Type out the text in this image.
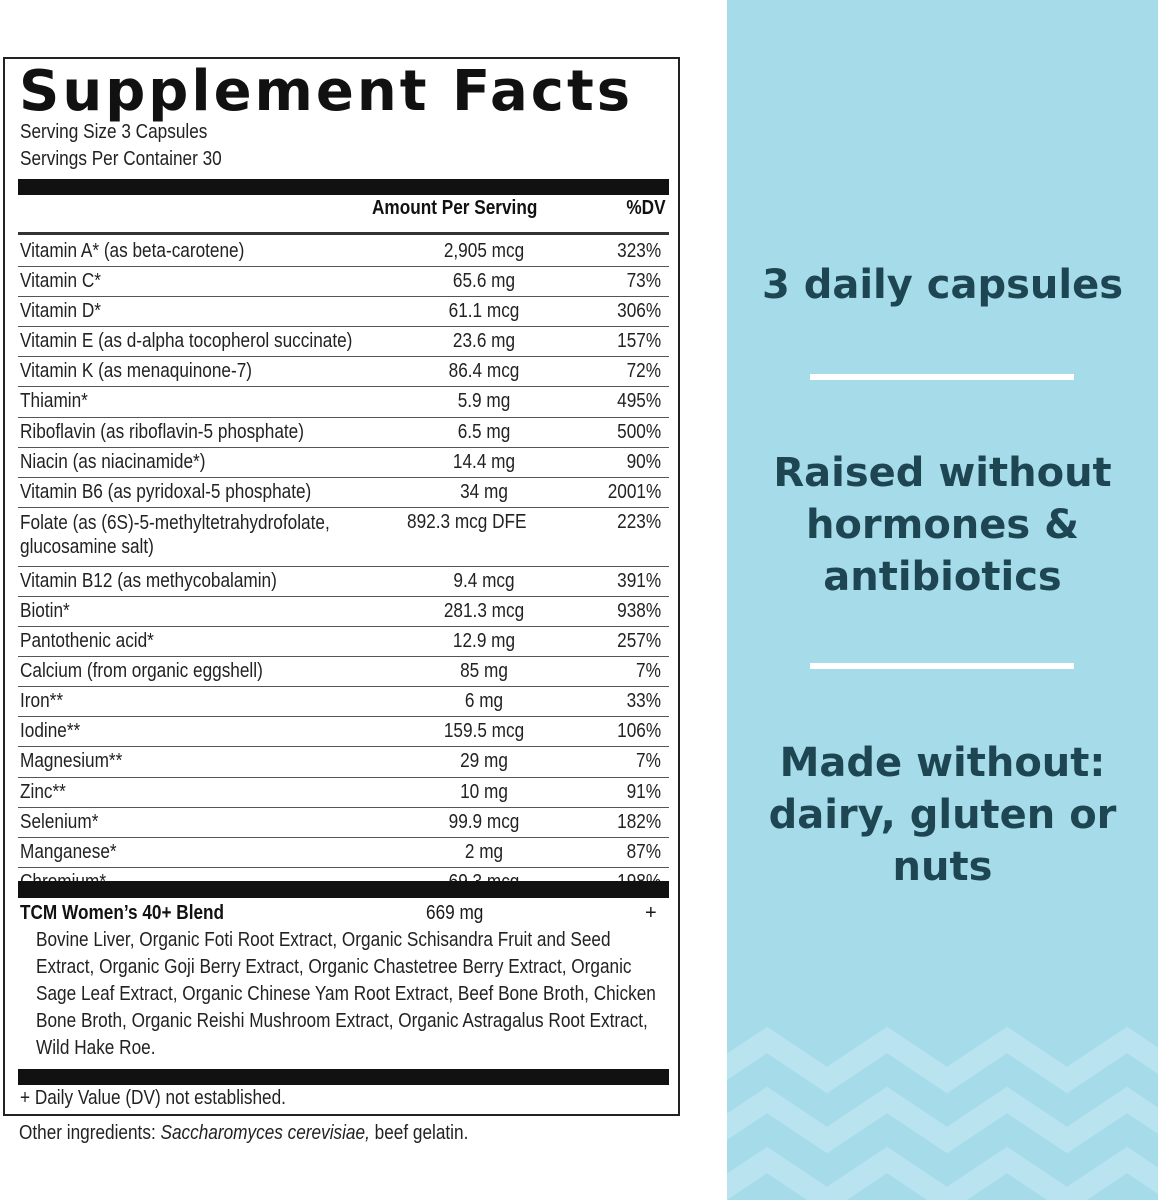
Supplement Facts
Serving Size 3 Capsules
Servings Per Container 30
Amount Per Serving	%DV
Vitamin A* (as beta-carotene)	2,905 mcg	323%
Vitamin C*	65.6 mg	73%
Vitamin D*	61.1 mcg	306%
Vitamin E (as d-alpha tocopherol succinate)	23.6 mg	157%
Vitamin K (as menaquinone-7)	86.4 mcg	72%
Thiamin*	5.9 mg	495%
Riboflavin (as riboflavin-5 phosphate)	6.5 mg	500%
Niacin (as niacinamide*)	14.4 mg	90%
Vitamin B6 (as pyridoxal-5 phosphate)	34 mg	2001%
Folate (as (6S)-5-methyltetrahydrofolate, glucosamine salt)
892.3 mcg DFE	223%
Vitamin B12 (as methycobalamin)	9.4 mcg	391%
Biotin*	281.3 mcg	938%
Pantothenic acid*	12.9 mg	257%
Calcium (from organic eggshell)	85 mg	7%
Iron**	6 mg	33%
Iodine**	159.5 mcg	106%
Magnesium**	29 mg	7%
Zinc**	10 mg	91%
Selenium*	99.9 mcg	182%
Manganese*	2 mg	87%
TCM Women’s 40+ Blend	669 mg	+
Bovine Liver, Organic Foti Root Extract, Organic Schisandra Fruit and Seed Extract, Organic Goji Berry Extract, Organic Chastetree Berry Extract, Organic Sage Leaf Extract, Organic Chinese Yam Root Extract, Beef Bone Broth, Chicken Bone Broth, Organic Reishi Mushroom Extract, Organic Astragalus Root Extract, Wild Hake Roe.
+ Daily Value (DV) not established.
Other ingredients: Saccharomyces cerevisiae, beef gelatin.
3 daily capsules
Raised without hormones & antibiotics
Made without: dairy, gluten or nuts
